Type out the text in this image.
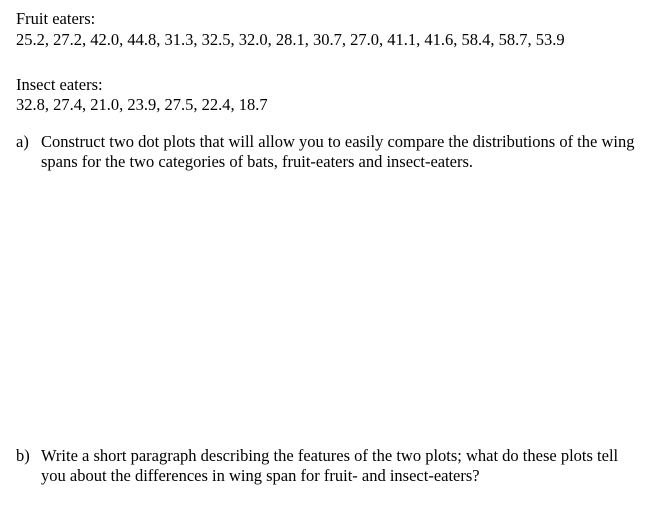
Fruit eaters:
25.2, 27.2, 42.0, 44.8, 31.3, 32.5, 32.0, 28.1, 30.7, 27.0, 41.1, 41.6, 58.4, 58.7, 53.9
Insect eaters:
32.8, 27.4, 21.0, 23.9, 27.5, 22.4, 18.7
a) Construct two dot plots that will allow you to easily compare the distributions of the wing spans for the two categories of bats, fruit-eaters and insect-eaters.
b) Write a short paragraph describing the features of the two plots; what do these plots tell you about the differences in wing span for fruit- and insect-eaters?
